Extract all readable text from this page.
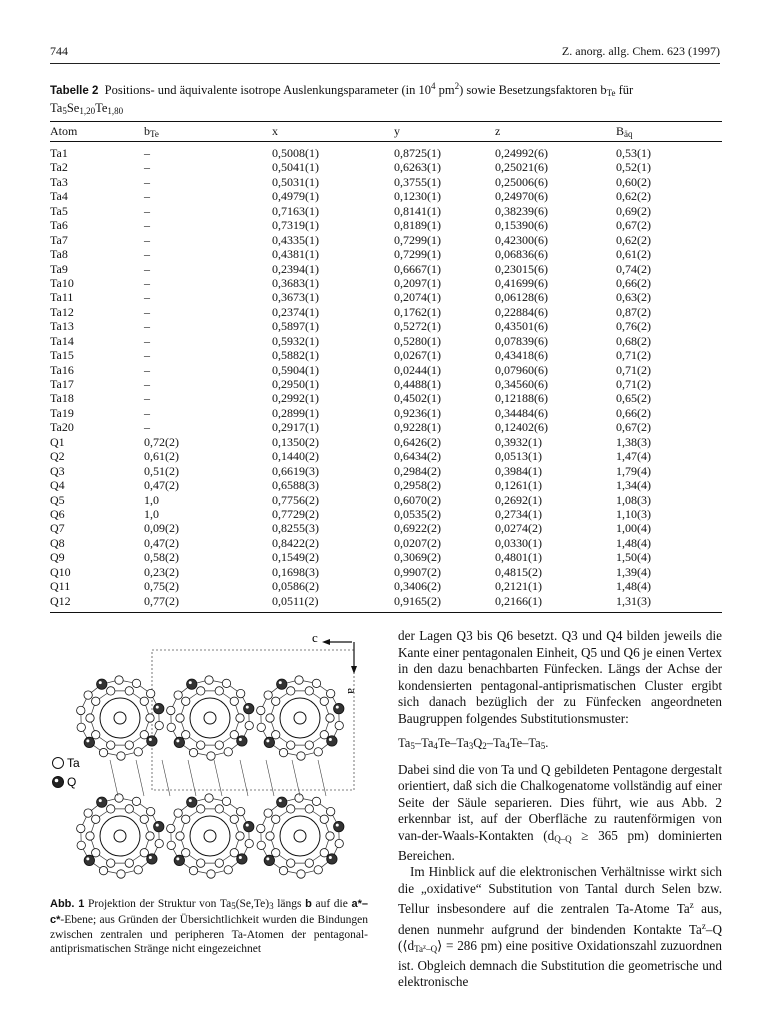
744	Z. anorg. allg. Chem. 623 (1997)
Tabelle 2 Positions- und äquivalente isotrope Auslenkungsparameter (in $10^4$ $pm^2$) sowie Besetzungsfaktoren $b_{Te}$ für
$Ta_5Se_{1,20}Te_{1,80}$
Atom	$b_{Te}$	x	y	z	$B_{äq}$
Ta1	–	0,5008(1)	0,8725(1)	0,24992(6)	0,53(1)
Ta2	–	0,5041(1)	0,6263(1)	0,25021(6)	0,52(1)
Ta3	–	0,5031(1)	0,3755(1)	0,25006(6)	0,60(2)
Ta4	–	0,4979(1)	0,1230(1)	0,24970(6)	0,62(2)
Ta5	–	0,7163(1)	0,8141(1)	0,38239(6)	0,69(2)
Ta6	–	0,7319(1)	0,8189(1)	0,15390(6)	0,67(2)
Ta7	–	0,4335(1)	0,7299(1)	0,42300(6)	0,62(2)
Ta8	–	0,4381(1)	0,7299(1)	0,06836(6)	0,61(2)
Ta9	–	0,2394(1)	0,6667(1)	0,23015(6)	0,74(2)
Ta10	–	0,3683(1)	0,2097(1)	0,41699(6)	0,66(2)
Ta11	–	0,3673(1)	0,2074(1)	0,06128(6)	0,63(2)
Ta12	–	0,2374(1)	0,1762(1)	0,22884(6)	0,87(2)
Ta13	–	0,5897(1)	0,5272(1)	0,43501(6)	0,76(2)
Ta14	–	0,5932(1)	0,5280(1)	0,07839(6)	0,68(2)
Ta15	–	0,5882(1)	0,0267(1)	0,43418(6)	0,71(2)
Ta16	–	0,5904(1)	0,0244(1)	0,07960(6)	0,71(2)
Ta17	–	0,2950(1)	0,4488(1)	0,34560(6)	0,71(2)
Ta18	–	0,2992(1)	0,4502(1)	0,12188(6)	0,65(2)
Ta19	–	0,2899(1)	0,9236(1)	0,34484(6)	0,66(2)
Ta20	–	0,2917(1)	0,9228(1)	0,12402(6)	0,67(2)
Q1	0,72(2)	0,1350(2)	0,6426(2)	0,3932(1)	1,38(3)
Q2	0,61(2)	0,1440(2)	0,6434(2)	0,0513(1)	1,47(4)
Q3	0,51(2)	0,6619(3)	0,2984(2)	0,3984(1)	1,79(4)
Q4	0,47(2)	0,6588(3)	0,2958(2)	0,1261(1)	1,34(4)
Q5	1,0	0,7756(2)	0,6070(2)	0,2692(1)	1,08(3)
Q6	1,0	0,7729(2)	0,0535(2)	0,2734(1)	1,10(3)
Q7	0,09(2)	0,8255(3)	0,6922(2)	0,0274(2)	1,00(4)
Q8	0,47(2)	0,8422(2)	0,0207(2)	0,0330(1)	1,48(4)
Q9	0,58(2)	0,1549(2)	0,3069(2)	0,4801(1)	1,50(4)
Q10	0,23(2)	0,1698(3)	0,9907(2)	0,4815(2)	1,39(4)
Q11	0,75(2)	0,0586(2)	0,3406(2)	0,2121(1)	1,48(4)
Q12	0,77(2)	0,0511(2)	0,9165(2)	0,2166(1)	1,31(3)
c
a
Ta
Q
Abb. 1 Projektion der Struktur von $Ta_5(Se,Te)_3$ längs b auf die a*–c*-Ebene; aus Gründen der Übersichtlichkeit wurden die Bindungen zwischen zentralen und peripheren Ta-Atomen der pentagonal-antiprismatischen Stränge nicht eingezeichnet

der Lagen Q3 bis Q6 besetzt. Q3 und Q4 bilden jeweils die Kante einer pentagonalen Einheit, Q5 und Q6 je einen Vertex in den dazu benachbarten Fünfecken. Längs der Achse der kondensierten pentagonal-antiprismatischen Cluster ergibt sich danach bezüglich der zu Fünfecken angeordneten Baugruppen folgendes Substitutionsmuster:

$Ta_5-Ta_4Te-Ta_3Q_2-Ta_4Te-Ta_5$.

Dabei sind die von Ta und Q gebildeten Pentagone dergestalt orientiert, daß sich die Chalkogenatome vollständig auf einer Seite der Säule separieren. Dies führt, wie aus Abb. 2 erkennbar ist, auf der Oberfläche zu rautenförmigen von van-der-Waals-Kontakten ($d_{Q-Q} \ge 365$ pm) dominierten Bereichen.

Im Hinblick auf die elektronischen Verhältnisse wirkt sich die „oxidative“ Substitution von Tantal durch Selen bzw. Tellur insbesondere auf die zentralen Ta-Atome Ta$^z$ aus, denen nunmehr aufgrund der bindenden Kontakte Ta$^z$–Q ($⟨d_{Ta^z-Q}⟩ = 286$ pm) eine positive Oxidationszahl zuzuordnen ist. Obgleich demnach die Substitution die geometrische und elektronische
